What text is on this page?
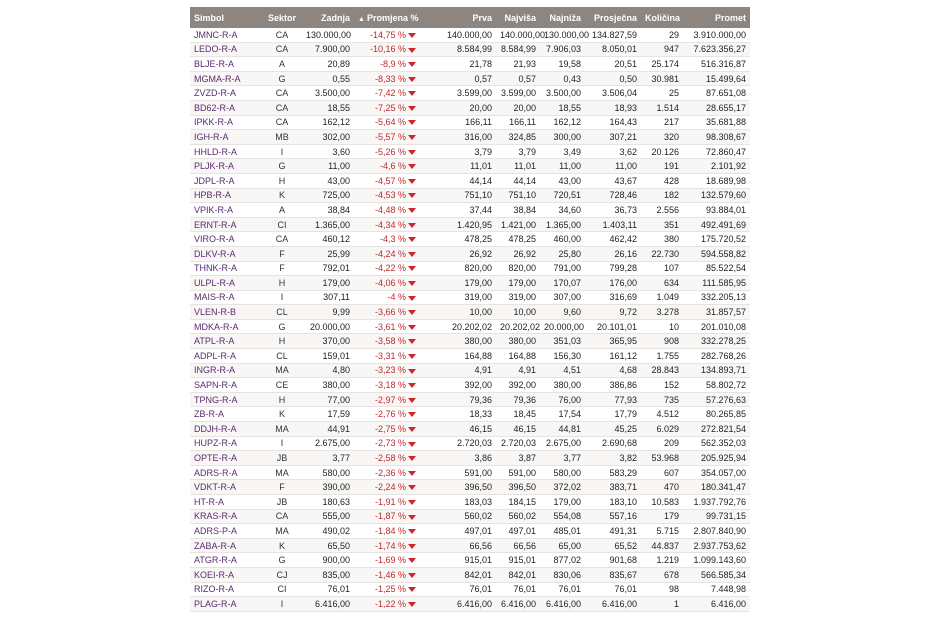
Simbol	Sektor	Zadnja	▲ Promjena %	Prva	Najviša	Najniža	Prosječna	Količina	Promet
JMNC-R-A	CA	130.000,00	-14,75 %	140.000,00	140.000,00	130.000,00	134.827,59	29	3.910.000,00
LEDO-R-A	CA	7.900,00	-10,16 %	8.584,99	8.584,99	7.906,03	8.050,01	947	7.623.356,27
BLJE-R-A	A	20,89	-8,9 %	21,78	21,93	19,58	20,51	25.174	516.316,87
MGMA-R-A	G	0,55	-8,33 %	0,57	0,57	0,43	0,50	30.981	15.499,64
ZVZD-R-A	CA	3.500,00	-7,42 %	3.599,00	3.599,00	3.500,00	3.506,04	25	87.651,08
BD62-R-A	CA	18,55	-7,25 %	20,00	20,00	18,55	18,93	1.514	28.655,17
IPKK-R-A	CA	162,12	-5,64 %	166,11	166,11	162,12	164,43	217	35.681,88
IGH-R-A	MB	302,00	-5,57 %	316,00	324,85	300,00	307,21	320	98.308,67
HHLD-R-A	I	3,60	-5,26 %	3,79	3,79	3,49	3,62	20.126	72.860,47
PLJK-R-A	G	11,00	-4,6 %	11,01	11,01	11,00	11,00	191	2.101,92
JDPL-R-A	H	43,00	-4,57 %	44,14	44,14	43,00	43,67	428	18.689,98
HPB-R-A	K	725,00	-4,53 %	751,10	751,10	720,51	728,46	182	132.579,60
VPIK-R-A	A	38,84	-4,48 %	37,44	38,84	34,60	36,73	2.556	93.884,01
ERNT-R-A	CI	1.365,00	-4,34 %	1.420,95	1.421,00	1.365,00	1.403,11	351	492.491,69
VIRO-R-A	CA	460,12	-4,3 %	478,25	478,25	460,00	462,42	380	175.720,52
DLKV-R-A	F	25,99	-4,24 %	26,92	26,92	25,80	26,16	22.730	594.558,82
THNK-R-A	F	792,01	-4,22 %	820,00	820,00	791,00	799,28	107	85.522,54
ULPL-R-A	H	179,00	-4,06 %	179,00	179,00	170,07	176,00	634	111.585,95
MAIS-R-A	I	307,11	-4 %	319,00	319,00	307,00	316,69	1.049	332.205,13
VLEN-R-B	CL	9,99	-3,66 %	10,00	10,00	9,60	9,72	3.278	31.857,57
MDKA-R-A	G	20.000,00	-3,61 %	20.202,02	20.202,02	20.000,00	20.101,01	10	201.010,08
ATPL-R-A	H	370,00	-3,58 %	380,00	380,00	351,03	365,95	908	332.278,25
ADPL-R-A	CL	159,01	-3,31 %	164,88	164,88	156,30	161,12	1.755	282.768,26
INGR-R-A	MA	4,80	-3,23 %	4,91	4,91	4,51	4,68	28.843	134.893,71
SAPN-R-A	CE	380,00	-3,18 %	392,00	392,00	380,00	386,86	152	58.802,72
TPNG-R-A	H	77,00	-2,97 %	79,36	79,36	76,00	77,93	735	57.276,63
ZB-R-A	K	17,59	-2,76 %	18,33	18,45	17,54	17,79	4.512	80.265,85
DDJH-R-A	MA	44,91	-2,75 %	46,15	46,15	44,81	45,25	6.029	272.821,54
HUPZ-R-A	I	2.675,00	-2,73 %	2.720,03	2.720,03	2.675,00	2.690,68	209	562.352,03
OPTE-R-A	JB	3,77	-2,58 %	3,86	3,87	3,77	3,82	53.968	205.925,94
ADRS-R-A	MA	580,00	-2,36 %	591,00	591,00	580,00	583,29	607	354.057,00
VDKT-R-A	F	390,00	-2,24 %	396,50	396,50	372,02	383,71	470	180.341,47
HT-R-A	JB	180,63	-1,91 %	183,03	184,15	179,00	183,10	10.583	1.937.792,76
KRAS-R-A	CA	555,00	-1,87 %	560,02	560,02	554,08	557,16	179	99.731,15
ADRS-P-A	MA	490,02	-1,84 %	497,01	497,01	485,01	491,31	5.715	2.807.840,90
ZABA-R-A	K	65,50	-1,74 %	66,56	66,56	65,00	65,52	44.837	2.937.753,62
ATGR-R-A	G	900,00	-1,69 %	915,01	915,01	877,02	901,68	1.219	1.099.143,60
KOEI-R-A	CJ	835,00	-1,46 %	842,01	842,01	830,06	835,67	678	566.585,34
RIZO-R-A	CI	76,01	-1,25 %	76,01	76,01	76,01	76,01	98	7.448,98
PLAG-R-A	I	6.416,00	-1,22 %	6.416,00	6.416,00	6.416,00	6.416,00	1	6.416,00
